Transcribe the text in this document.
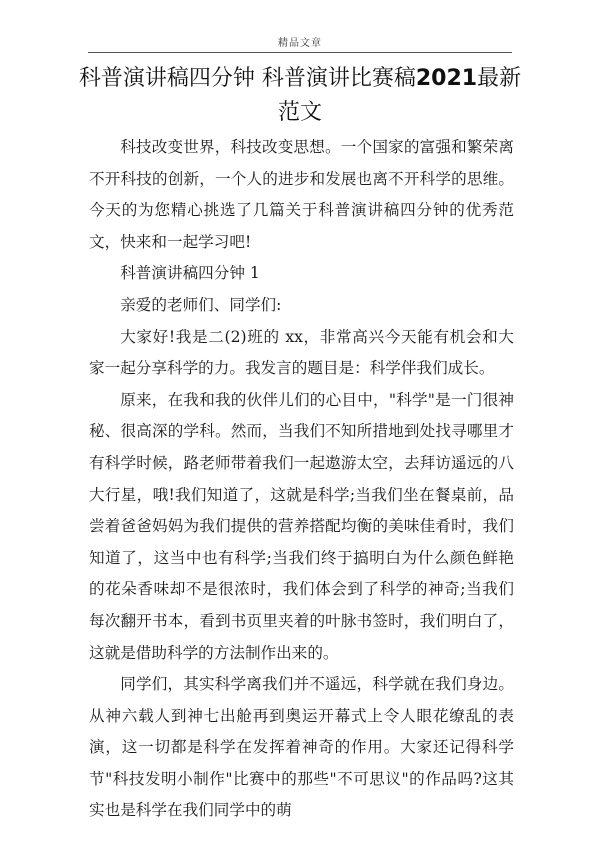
精品文章
科普演讲稿四分钟 科普演讲比赛稿2021最新范文

科技改变世界，科技改变思想。一个国家的富强和繁荣离不开科技的创新，一个人的进步和发展也离不开科学的思维。今天的为您精心挑选了几篇关于科普演讲稿四分钟的优秀范文，快来和一起学习吧!

科普演讲稿四分钟 1

亲爱的老师们、同学们:

大家好!我是二(2)班的 xx，非常高兴今天能有机会和大家一起分享科学的力。我发言的题目是：科学伴我们成长。

原来，在我和我的伙伴儿们的心目中，"科学"是一门很神秘、很高深的学科。然而，当我们不知所措地到处找寻哪里才有科学时候，路老师带着我们一起遨游太空，去拜访遥远的八大行星，哦!我们知道了，这就是科学;当我们坐在餐桌前，品尝着爸爸妈妈为我们提供的营养搭配均衡的美味佳肴时，我们知道了，这当中也有科学;当我们终于搞明白为什么颜色鲜艳的花朵香味却不是很浓时，我们体会到了科学的神奇;当我们每次翻开书本，看到书页里夹着的叶脉书签时，我们明白了，这就是借助科学的方法制作出来的。

同学们，其实科学离我们并不遥远，科学就在我们身边。从神六载人到神七出舱再到奥运开幕式上令人眼花缭乱的表演，这一切都是科学在发挥着神奇的作用。大家还记得科学节"科技发明小制作"比赛中的那些"不可思议"的作品吗?这其实也是科学在我们同学中的萌
